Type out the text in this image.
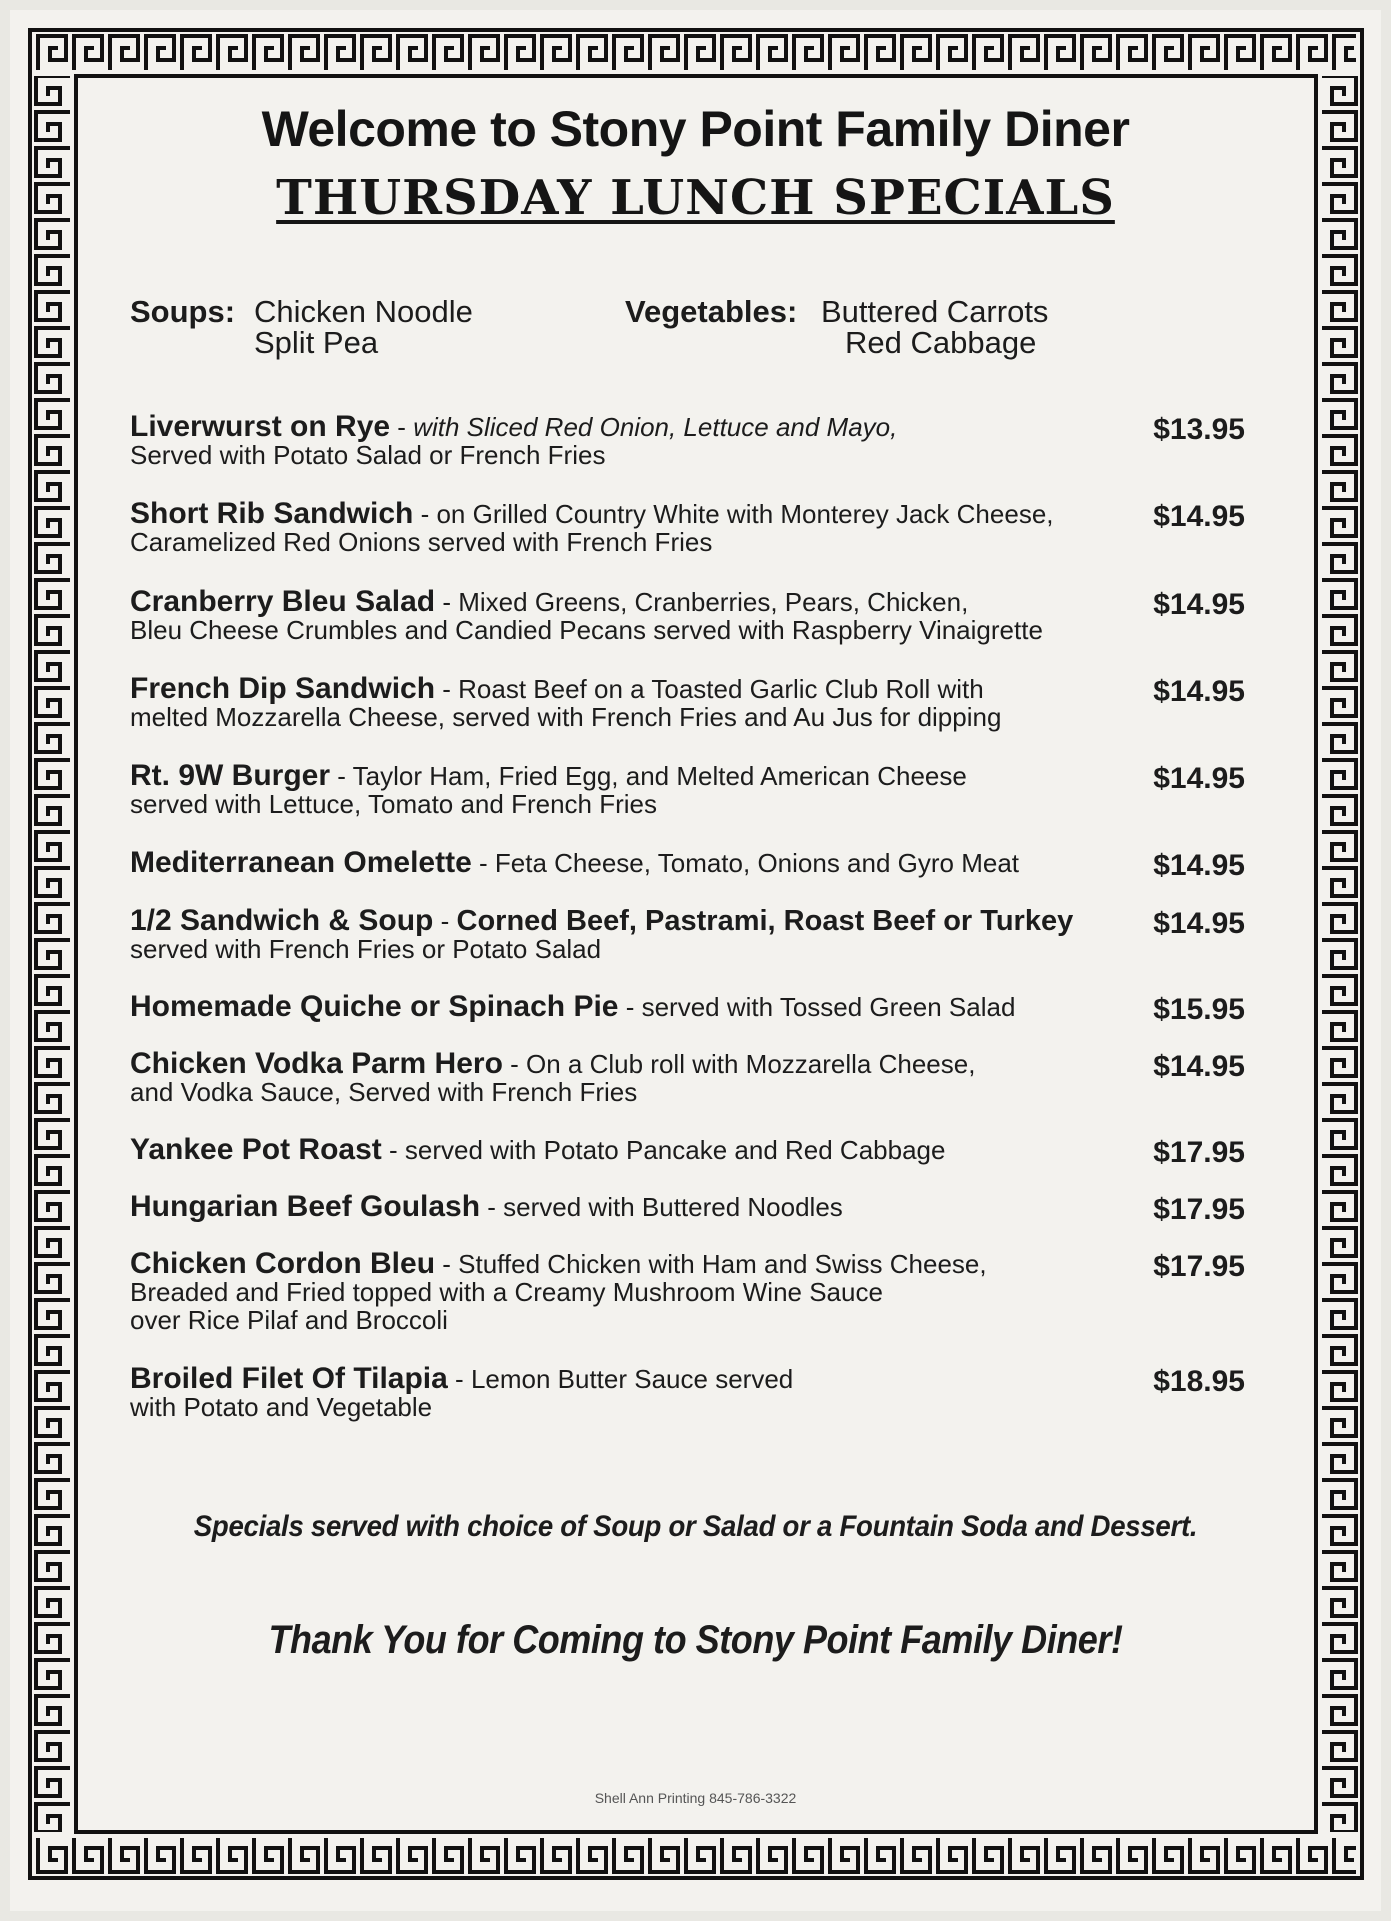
Welcome to Stony Point Family Diner
THURSDAY LUNCH SPECIALS
Soups: Chicken Noodle
Split Pea
Vegetables: Buttered Carrots
Red Cabbage
Liverwurst on Rye - with Sliced Red Onion, Lettuce and Mayo,
Served with Potato Salad or French Fries
$13.95
Short Rib Sandwich - on Grilled Country White with Monterey Jack Cheese,
Caramelized Red Onions served with French Fries
$14.95
Cranberry Bleu Salad - Mixed Greens, Cranberries, Pears, Chicken,
Bleu Cheese Crumbles and Candied Pecans served with Raspberry Vinaigrette
$14.95
French Dip Sandwich - Roast Beef on a Toasted Garlic Club Roll with
melted Mozzarella Cheese, served with French Fries and Au Jus for dipping
$14.95
Rt. 9W Burger - Taylor Ham, Fried Egg, and Melted American Cheese
served with Lettuce, Tomato and French Fries
$14.95
Mediterranean Omelette - Feta Cheese, Tomato, Onions and Gyro Meat	$14.95
1/2 Sandwich & Soup - Corned Beef, Pastrami, Roast Beef or Turkey
served with French Fries or Potato Salad
$14.95
Homemade Quiche or Spinach Pie - served with Tossed Green Salad	$15.95
Chicken Vodka Parm Hero - On a Club roll with Mozzarella Cheese,
and Vodka Sauce, Served with French Fries
$14.95
Yankee Pot Roast - served with Potato Pancake and Red Cabbage	$17.95
Hungarian Beef Goulash - served with Buttered Noodles	$17.95
Chicken Cordon Bleu - Stuffed Chicken with Ham and Swiss Cheese,
Breaded and Fried topped with a Creamy Mushroom Wine Sauce
over Rice Pilaf and Broccoli
$17.95
Broiled Filet Of Tilapia - Lemon Butter Sauce served
with Potato and Vegetable
$18.95
Specials served with choice of Soup or Salad or a Fountain Soda and Dessert.
Thank You for Coming to Stony Point Family Diner!
Shell Ann Printing 845-786-3322
